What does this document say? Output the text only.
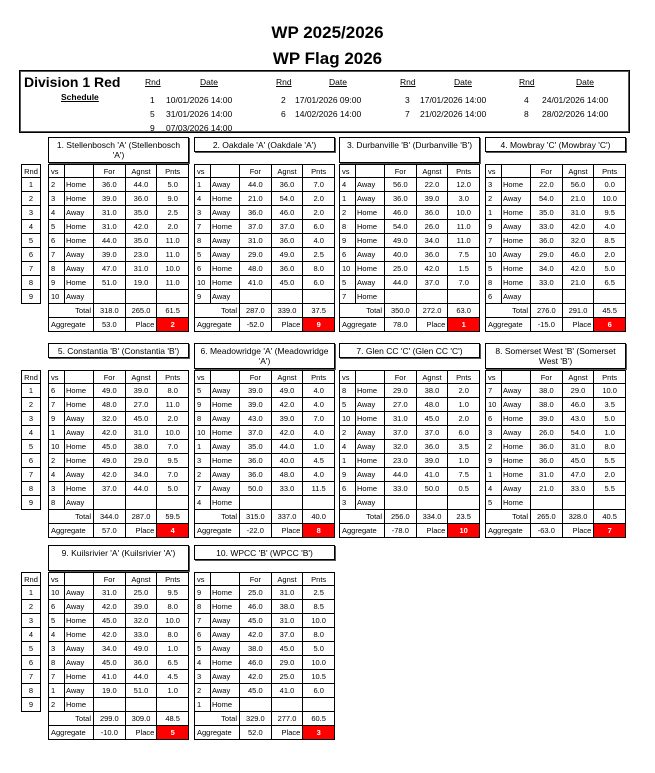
WP 2025/2026
WP Flag 2026
Division 1 Red
Schedule
Rnd	Date	Rnd	Date	Rnd	Date	Rnd	Date
1 10/01/2026 14:00	2 17/01/2026 09:00	3 17/01/2026 14:00	4 24/01/2026 14:00
5 31/01/2026 14:00	6 14/02/2026 14:00	7 21/02/2026 14:00	8 28/02/2026 14:00
9 07/03/2026 14:00
Rnd
1
2
3
4
5
6
7
8
9
Rnd
1
2
3
4
5
6
7
8
9
Rnd
1
2
3
4
5
6
7
8
9
1. Stellenbosch 'A' (Stellenbosch 'A')
vs		For	Agnst	Pnts
2	Home	36.0	44.0	5.0
3	Home	39.0	36.0	9.0
4	Away	31.0	35.0	2.5
5	Home	31.0	42.0	2.0
6	Home	44.0	35.0	11.0
7	Away	39.0	23.0	11.0
8	Away	47.0	31.0	10.0
9	Home	51.0	19.0	11.0
10	Away			
Total		318.0	265.0	61.5
Aggregate		53.0	Place	2
2. Oakdale 'A' (Oakdale 'A')
vs		For	Agnst	Pnts
1	Away	44.0	36.0	7.0
4	Home	21.0	54.0	2.0
3	Away	36.0	46.0	2.0
7	Home	37.0	37.0	6.0
8	Away	31.0	36.0	4.0
5	Away	29.0	49.0	2.5
6	Home	48.0	36.0	8.0
10	Home	41.0	45.0	6.0
9	Away			
Total		287.0	339.0	37.5
Aggregate		-52.0	Place	9
3. Durbanville 'B' (Durbanville 'B')
vs		For	Agnst	Pnts
4	Away	56.0	22.0	12.0
1	Away	36.0	39.0	3.0
2	Home	46.0	36.0	10.0
8	Home	54.0	26.0	11.0
9	Home	49.0	34.0	11.0
6	Away	40.0	36.0	7.5
10	Home	25.0	42.0	1.5
5	Away	44.0	37.0	7.0
7	Home			
Total		350.0	272.0	63.0
Aggregate		78.0	Place	1
4. Mowbray 'C' (Mowbray 'C')
vs		For	Agnst	Pnts
3	Home	22.0	56.0	0.0
2	Away	54.0	21.0	10.0
1	Home	35.0	31.0	9.5
9	Away	33.0	42.0	4.0
7	Home	36.0	32.0	8.5
10	Away	29.0	46.0	2.0
5	Home	34.0	42.0	5.0
8	Home	33.0	21.0	6.5
6	Away			
Total		276.0	291.0	45.5
Aggregate		-15.0	Place	6
5. Constantia 'B' (Constantia 'B')
vs		For	Agnst	Pnts
6	Home	49.0	39.0	8.0
7	Home	48.0	27.0	11.0
9	Away	32.0	45.0	2.0
1	Away	42.0	31.0	10.0
10	Home	45.0	38.0	7.0
2	Home	49.0	29.0	9.5
4	Away	42.0	34.0	7.0
3	Home	37.0	44.0	5.0
8	Away			
Total		344.0	287.0	59.5
Aggregate		57.0	Place	4
6. Meadowridge 'A' (Meadowridge 'A')
vs		For	Agnst	Pnts
5	Away	39.0	49.0	4.0
9	Home	39.0	42.0	4.0
8	Away	43.0	39.0	7.0
10	Home	37.0	42.0	4.0
1	Away	35.0	44.0	1.0
3	Home	36.0	40.0	4.5
2	Away	36.0	48.0	4.0
7	Away	50.0	33.0	11.5
4	Home			
Total		315.0	337.0	40.0
Aggregate		-22.0	Place	8
7. Glen CC 'C' (Glen CC 'C')
vs		For	Agnst	Pnts
8	Home	29.0	38.0	2.0
5	Away	27.0	48.0	1.0
10	Home	31.0	45.0	2.0
2	Away	37.0	37.0	6.0
4	Away	32.0	36.0	3.5
1	Home	23.0	39.0	1.0
9	Away	44.0	41.0	7.5
6	Home	33.0	50.0	0.5
3	Away			
Total		256.0	334.0	23.5
Aggregate		-78.0	Place	10
8. Somerset West 'B' (Somerset West 'B')
vs		For	Agnst	Pnts
7	Away	38.0	29.0	10.0
10	Away	38.0	46.0	3.5
6	Home	39.0	43.0	5.0
3	Away	26.0	54.0	1.0
2	Home	36.0	31.0	8.0
9	Home	36.0	45.0	5.5
1	Home	31.0	47.0	2.0
4	Away	21.0	33.0	5.5
5	Home			
Total		265.0	328.0	40.5
Aggregate		-63.0	Place	7
9. Kuilsrivier 'A' (Kuilsrivier 'A')
vs		For	Agnst	Pnts
10	Away	31.0	25.0	9.5
6	Away	42.0	39.0	8.0
5	Home	45.0	32.0	10.0
4	Home	42.0	33.0	8.0
3	Away	34.0	49.0	1.0
8	Away	45.0	36.0	6.5
7	Home	41.0	44.0	4.5
1	Away	19.0	51.0	1.0
2	Home			
Total		299.0	309.0	48.5
Aggregate		-10.0	Place	5
10. WPCC 'B' (WPCC 'B')
vs		For	Agnst	Pnts
9	Home	25.0	31.0	2.5
8	Home	46.0	38.0	8.5
7	Away	45.0	31.0	10.0
6	Away	42.0	37.0	8.0
5	Away	38.0	45.0	5.0
4	Home	46.0	29.0	10.0
3	Away	42.0	25.0	10.5
2	Away	45.0	41.0	6.0
1	Home			
Total		329.0	277.0	60.5
Aggregate		52.0	Place	3
